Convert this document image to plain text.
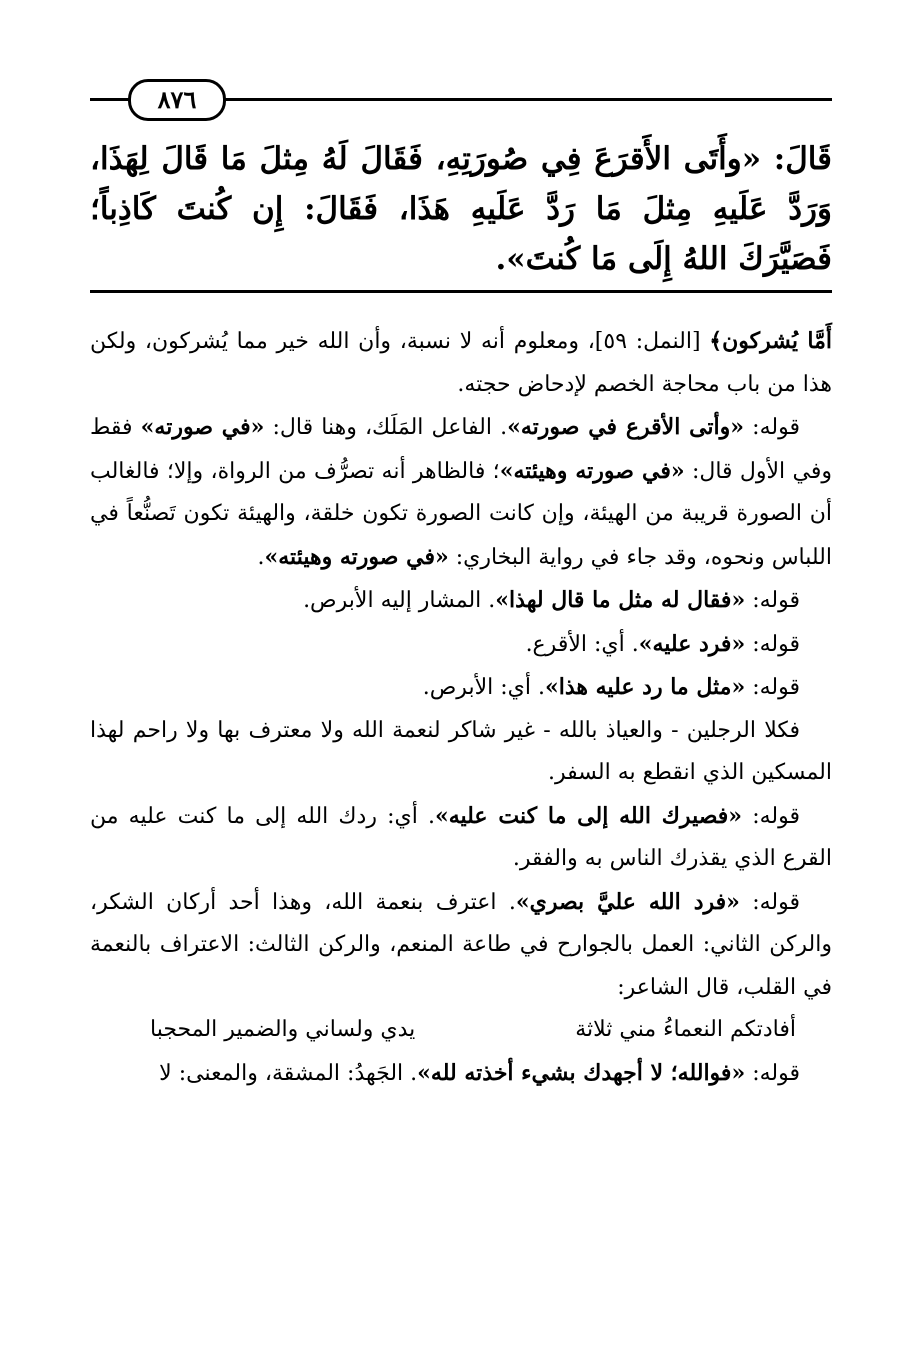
٨٧٦
قَالَ: «وأَتَى الأَقرَعَ فِي صُورَتِهِ، فَقَالَ لَهُ مِثلَ مَا قَالَ لِهَذَا، وَرَدَّ عَلَيهِ مِثلَ مَا رَدَّ عَلَيهِ هَذَا، فَقَالَ: إِن كُنتَ كَاذِباً؛ فَصَيَّرَكَ اللهُ إِلَى مَا كُنتَ».

أَمَّا يُشركون﴾ [النمل: ٥٩]، ومعلوم أنه لا نسبة، وأن الله خير مما يُشركون، ولكن هذا من باب محاجة الخصم لإدحاض حجته.

قوله: «وأتى الأقرع في صورته». الفاعل المَلَك، وهنا قال: «في صورته» فقط وفي الأول قال: «في صورته وهيئته»؛ فالظاهر أنه تصرُّف من الرواة، وإلا؛ فالغالب أن الصورة قريبة من الهيئة، وإن كانت الصورة تكون خلقة، والهيئة تكون تَصنُّعاً في اللباس ونحوه، وقد جاء في رواية البخاري: «في صورته وهيئته».

قوله: «فقال له مثل ما قال لهذا». المشار إليه الأبرص.

قوله: «فرد عليه». أي: الأقرع.

قوله: «مثل ما رد عليه هذا». أي: الأبرص.

فكلا الرجلين - والعياذ بالله - غير شاكر لنعمة الله ولا معترف بها ولا راحم لهذا المسكين الذي انقطع به السفر.

قوله: «فصيرك الله إلى ما كنت عليه». أي: ردك الله إلى ما كنت عليه من القرع الذي يقذرك الناس به والفقر.

قوله: «فرد الله عليَّ بصري». اعترف بنعمة الله، وهذا أحد أركان الشكر، والركن الثاني: العمل بالجوارح في طاعة المنعم، والركن الثالث: الاعتراف بالنعمة في القلب، قال الشاعر:

أفادتكم النعماءُ مني ثلاثة
يدي ولساني والضمير المحجبا

قوله: «فوالله؛ لا أجهدك بشيء أخذته لله». الجَهدُ: المشقة، والمعنى: لا
